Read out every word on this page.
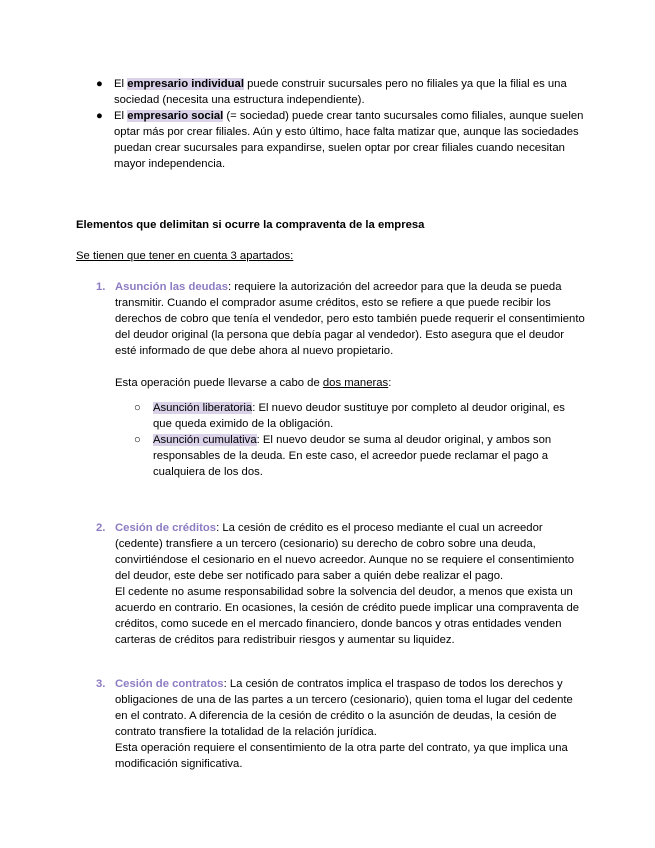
● El empresario individual puede construir sucursales pero no filiales ya que la filial es una sociedad (necesita una estructura independiente).
● El empresario social (= sociedad) puede crear tanto sucursales como filiales, aunque suelen optar más por crear filiales. Aún y esto último, hace falta matizar que, aunque las sociedades puedan crear sucursales para expandirse, suelen optar por crear filiales cuando necesitan mayor independencia.

Elementos que delimitan si ocurre la compraventa de la empresa

Se tienen que tener en cuenta 3 apartados:

1. Asunción las deudas: requiere la autorización del acreedor para que la deuda se pueda transmitir. Cuando el comprador asume créditos, esto se refiere a que puede recibir los derechos de cobro que tenía el vendedor, pero esto también puede requerir el consentimiento del deudor original (la persona que debía pagar al vendedor). Esto asegura que el deudor esté informado de que debe ahora al nuevo propietario.
Esta operación puede llevarse a cabo de dos maneras:
○ Asunción liberatoria: El nuevo deudor sustituye por completo al deudor original, es que queda eximido de la obligación.
○ Asunción cumulativa: El nuevo deudor se suma al deudor original, y ambos son responsables de la deuda. En este caso, el acreedor puede reclamar el pago a cualquiera de los dos.
2. Cesión de créditos: La cesión de crédito es el proceso mediante el cual un acreedor (cedente) transfiere a un tercero (cesionario) su derecho de cobro sobre una deuda, convirtiéndose el cesionario en el nuevo acreedor. Aunque no se requiere el consentimiento del deudor, este debe ser notificado para saber a quién debe realizar el pago.
El cedente no asume responsabilidad sobre la solvencia del deudor, a menos que exista un acuerdo en contrario. En ocasiones, la cesión de crédito puede implicar una compraventa de créditos, como sucede en el mercado financiero, donde bancos y otras entidades venden carteras de créditos para redistribuir riesgos y aumentar su liquidez.
3. Cesión de contratos: La cesión de contratos implica el traspaso de todos los derechos y obligaciones de una de las partes a un tercero (cesionario), quien toma el lugar del cedente en el contrato. A diferencia de la cesión de crédito o la asunción de deudas, la cesión de contrato transfiere la totalidad de la relación jurídica.
Esta operación requiere el consentimiento de la otra parte del contrato, ya que implica una modificación significativa.
